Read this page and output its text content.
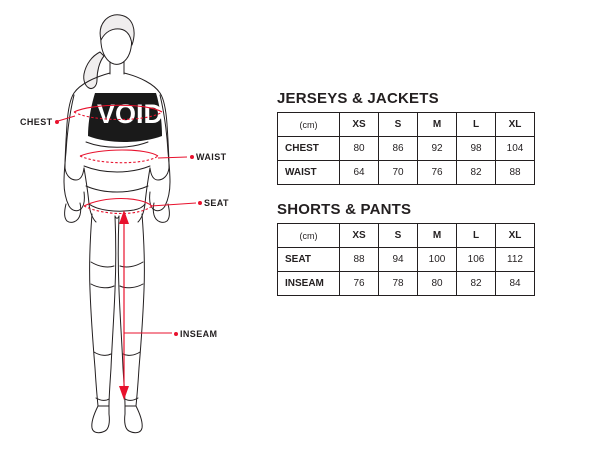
VOID
CHEST
WAIST
SEAT
INSEAM
JERSEYS & JACKETS
(cm)	XS	S	M	L	XL
CHEST	80	86	92	98	104
WAIST	64	70	76	82	88
SHORTS & PANTS
(cm)	XS	S	M	L	XL
SEAT	88	94	100	106	112
INSEAM	76	78	80	82	84
